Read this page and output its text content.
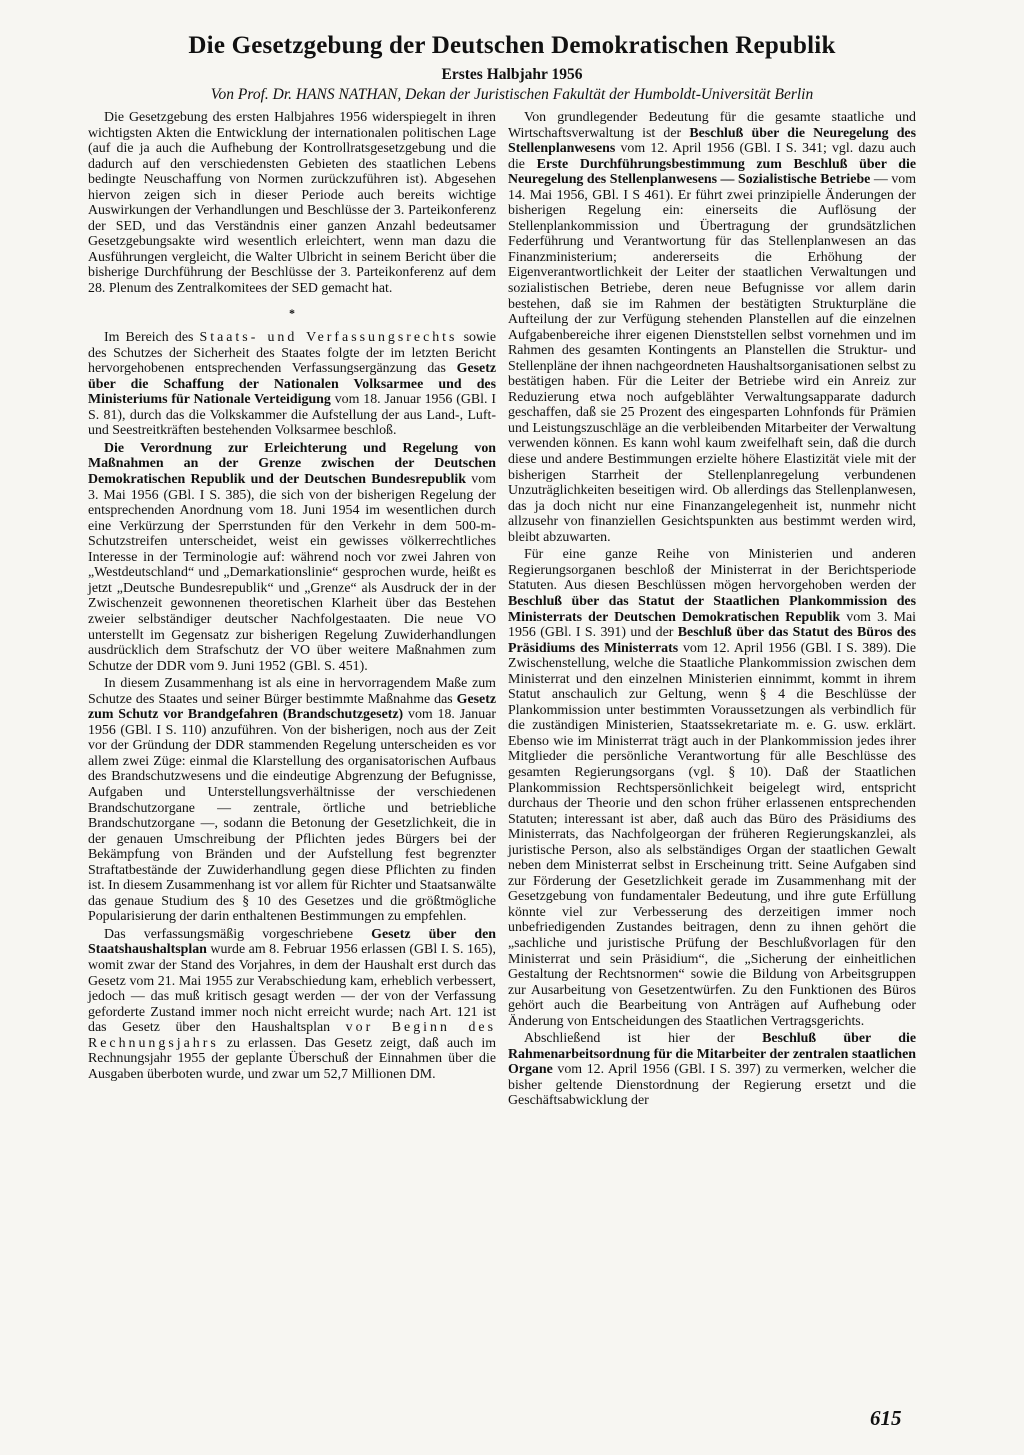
Die Gesetzgebung der Deutschen Demokratischen Republik
Erstes Halbjahr 1956
Von Prof. Dr. HANS NATHAN, Dekan der Juristischen Fakultät der Humboldt-Universität Berlin

Die Gesetzgebung des ersten Halbjahres 1956 widerspiegelt in ihren wichtigsten Akten die Entwicklung der internationalen politischen Lage (auf die ja auch die Aufhebung der Kontrollratsgesetzgebung und die dadurch auf den verschiedensten Gebieten des staatlichen Lebens bedingte Neuschaffung von Normen zurückzuführen ist). Abgesehen hiervon zeigen sich in dieser Periode auch bereits wichtige Auswirkungen der Verhandlungen und Beschlüsse der 3. Parteikonferenz der SED, und das Verständnis einer ganzen Anzahl bedeutsamer Gesetzgebungsakte wird wesentlich erleichtert, wenn man dazu die Ausführungen vergleicht, die Walter Ulbricht in seinem Bericht über die bisherige Durchführung der Beschlüsse der 3. Parteikonferenz auf dem 28. Plenum des Zentralkomitees der SED gemacht hat.

*

Im Bereich des Staats- und Verfassungsrechts sowie des Schutzes der Sicherheit des Staates folgte der im letzten Bericht hervorgehobenen entsprechenden Verfassungsergänzung das Gesetz über die Schaffung der Nationalen Volksarmee und des Ministeriums für Nationale Verteidigung vom 18. Januar 1956 (GBl. I S. 81), durch das die Volkskammer die Aufstellung der aus Land-, Luft- und Seestreitkräften bestehenden Volksarmee beschloß.

Die Verordnung zur Erleichterung und Regelung von Maßnahmen an der Grenze zwischen der Deutschen Demokratischen Republik und der Deutschen Bundesrepublik vom 3. Mai 1956 (GBl. I S. 385), die sich von der bisherigen Regelung der entsprechenden Anordnung vom 18. Juni 1954 im wesentlichen durch eine Verkürzung der Sperrstunden für den Verkehr in dem 500-m-Schutzstreifen unterscheidet, weist ein gewisses völkerrechtliches Interesse in der Terminologie auf: während noch vor zwei Jahren von „Westdeutschland“ und „Demarkationslinie“ gesprochen wurde, heißt es jetzt „Deutsche Bundesrepublik“ und „Grenze“ als Ausdruck der in der Zwischenzeit gewonnenen theoretischen Klarheit über das Bestehen zweier selbständiger deutscher Nachfolgestaaten. Die neue VO unterstellt im Gegensatz zur bisherigen Regelung Zuwiderhandlungen ausdrücklich dem Strafschutz der VO über weitere Maßnahmen zum Schutze der DDR vom 9. Juni 1952 (GBl. S. 451).

In diesem Zusammenhang ist als eine in hervorragendem Maße zum Schutze des Staates und seiner Bürger bestimmte Maßnahme das Gesetz zum Schutz vor Brandgefahren (Brandschutzgesetz) vom 18. Januar 1956 (GBl. I S. 110) anzuführen. Von der bisherigen, noch aus der Zeit vor der Gründung der DDR stammenden Regelung unterscheiden es vor allem zwei Züge: einmal die Klarstellung des organisatorischen Aufbaus des Brandschutzwesens und die eindeutige Abgrenzung der Befugnisse, Aufgaben und Unterstellungsverhältnisse der verschiedenen Brandschutzorgane — zentrale, örtliche und betriebliche Brandschutzorgane —, sodann die Betonung der Gesetzlichkeit, die in der genauen Umschreibung der Pflichten jedes Bürgers bei der Bekämpfung von Bränden und der Aufstellung fest begrenzter Straftatbestände der Zuwiderhandlung gegen diese Pflichten zu finden ist. In diesem Zusammenhang ist vor allem für Richter und Staatsanwälte das genaue Studium des § 10 des Gesetzes und die größtmögliche Popularisierung der darin enthaltenen Bestimmungen zu empfehlen.

Das verfassungsmäßig vorgeschriebene Gesetz über den Staatshaushaltsplan wurde am 8. Februar 1956 erlassen (GBl I. S. 165), womit zwar der Stand des Vorjahres, in dem der Haushalt erst durch das Gesetz vom 21. Mai 1955 zur Verabschiedung kam, erheblich verbessert, jedoch — das muß kritisch gesagt werden — der von der Verfassung geforderte Zustand immer noch nicht erreicht wurde; nach Art. 121 ist das Gesetz über den Haushaltsplan vor Beginn des Rechnungsjahrs zu erlassen. Das Gesetz zeigt, daß auch im Rechnungsjahr 1955 der geplante Überschuß der Einnahmen über die Ausgaben überboten wurde, und zwar um 52,7 Millionen DM.

Von grundlegender Bedeutung für die gesamte staatliche und Wirtschaftsverwaltung ist der Beschluß über die Neuregelung des Stellenplanwesens vom 12. April 1956 (GBl. I S. 341; vgl. dazu auch die Erste Durchführungsbestimmung zum Beschluß über die Neuregelung des Stellenplanwesens — Sozialistische Betriebe — vom 14. Mai 1956, GBl. I S 461). Er führt zwei prinzipielle Änderungen der bisherigen Regelung ein: einerseits die Auflösung der Stellenplankommission und Übertragung der grundsätzlichen Federführung und Verantwortung für das Stellenplanwesen an das Finanzministerium; andererseits die Erhöhung der Eigenverantwortlichkeit der Leiter der staatlichen Verwaltungen und sozialistischen Betriebe, deren neue Befugnisse vor allem darin bestehen, daß sie im Rahmen der bestätigten Strukturpläne die Aufteilung der zur Verfügung stehenden Planstellen auf die einzelnen Aufgabenbereiche ihrer eigenen Dienststellen selbst vornehmen und im Rahmen des gesamten Kontingents an Planstellen die Struktur- und Stellenpläne der ihnen nachgeordneten Haushaltsorganisationen selbst zu bestätigen haben. Für die Leiter der Betriebe wird ein Anreiz zur Reduzierung etwa noch aufgeblähter Verwaltungsapparate dadurch geschaffen, daß sie 25 Prozent des eingesparten Lohnfonds für Prämien und Leistungszuschläge an die verbleibenden Mitarbeiter der Verwaltung verwenden können. Es kann wohl kaum zweifelhaft sein, daß die durch diese und andere Bestimmungen erzielte höhere Elastizität viele mit der bisherigen Starrheit der Stellenplanregelung verbundenen Unzuträglichkeiten beseitigen wird. Ob allerdings das Stellenplanwesen, das ja doch nicht nur eine Finanzangelegenheit ist, nunmehr nicht allzusehr von finanziellen Gesichtspunkten aus bestimmt werden wird, bleibt abzuwarten.

Für eine ganze Reihe von Ministerien und anderen Regierungsorganen beschloß der Ministerrat in der Berichtsperiode Statuten. Aus diesen Beschlüssen mögen hervorgehoben werden der Beschluß über das Statut der Staatlichen Plankommission des Ministerrats der Deutschen Demokratischen Republik vom 3. Mai 1956 (GBl. I S. 391) und der Beschluß über das Statut des Büros des Präsidiums des Ministerrats vom 12. April 1956 (GBl. I S. 389). Die Zwischenstellung, welche die Staatliche Plankommission zwischen dem Ministerrat und den einzelnen Ministerien einnimmt, kommt in ihrem Statut anschaulich zur Geltung, wenn § 4 die Beschlüsse der Plankommission unter bestimmten Voraussetzungen als verbindlich für die zuständigen Ministerien, Staatssekretariate m. e. G. usw. erklärt. Ebenso wie im Ministerrat trägt auch in der Plankommission jedes ihrer Mitglieder die persönliche Verantwortung für alle Beschlüsse des gesamten Regierungsorgans (vgl. § 10). Daß der Staatlichen Plankommission Rechtspersönlichkeit beigelegt wird, entspricht durchaus der Theorie und den schon früher erlassenen entsprechenden Statuten; interessant ist aber, daß auch das Büro des Präsidiums des Ministerrats, das Nachfolgeorgan der früheren Regierungskanzlei, als juristische Person, also als selbständiges Organ der staatlichen Gewalt neben dem Ministerrat selbst in Erscheinung tritt. Seine Aufgaben sind zur Förderung der Gesetzlichkeit gerade im Zusammenhang mit der Gesetzgebung von fundamentaler Bedeutung, und ihre gute Erfüllung könnte viel zur Verbesserung des derzeitigen immer noch unbefriedigenden Zustandes beitragen, denn zu ihnen gehört die „sachliche und juristische Prüfung der Beschlußvorlagen für den Ministerrat und sein Präsidium“, die „Sicherung der einheitlichen Gestaltung der Rechtsnormen“ sowie die Bildung von Arbeitsgruppen zur Ausarbeitung von Gesetzentwürfen. Zu den Funktionen des Büros gehört auch die Bearbeitung von Anträgen auf Aufhebung oder Änderung von Entscheidungen des Staatlichen Vertragsgerichts.

Abschließend ist hier der Beschluß über die Rahmenarbeitsordnung für die Mitarbeiter der zentralen staatlichen Organe vom 12. April 1956 (GBl. I S. 397) zu vermerken, welcher die bisher geltende Dienstordnung der Regierung ersetzt und die Geschäftsabwicklung der

615
